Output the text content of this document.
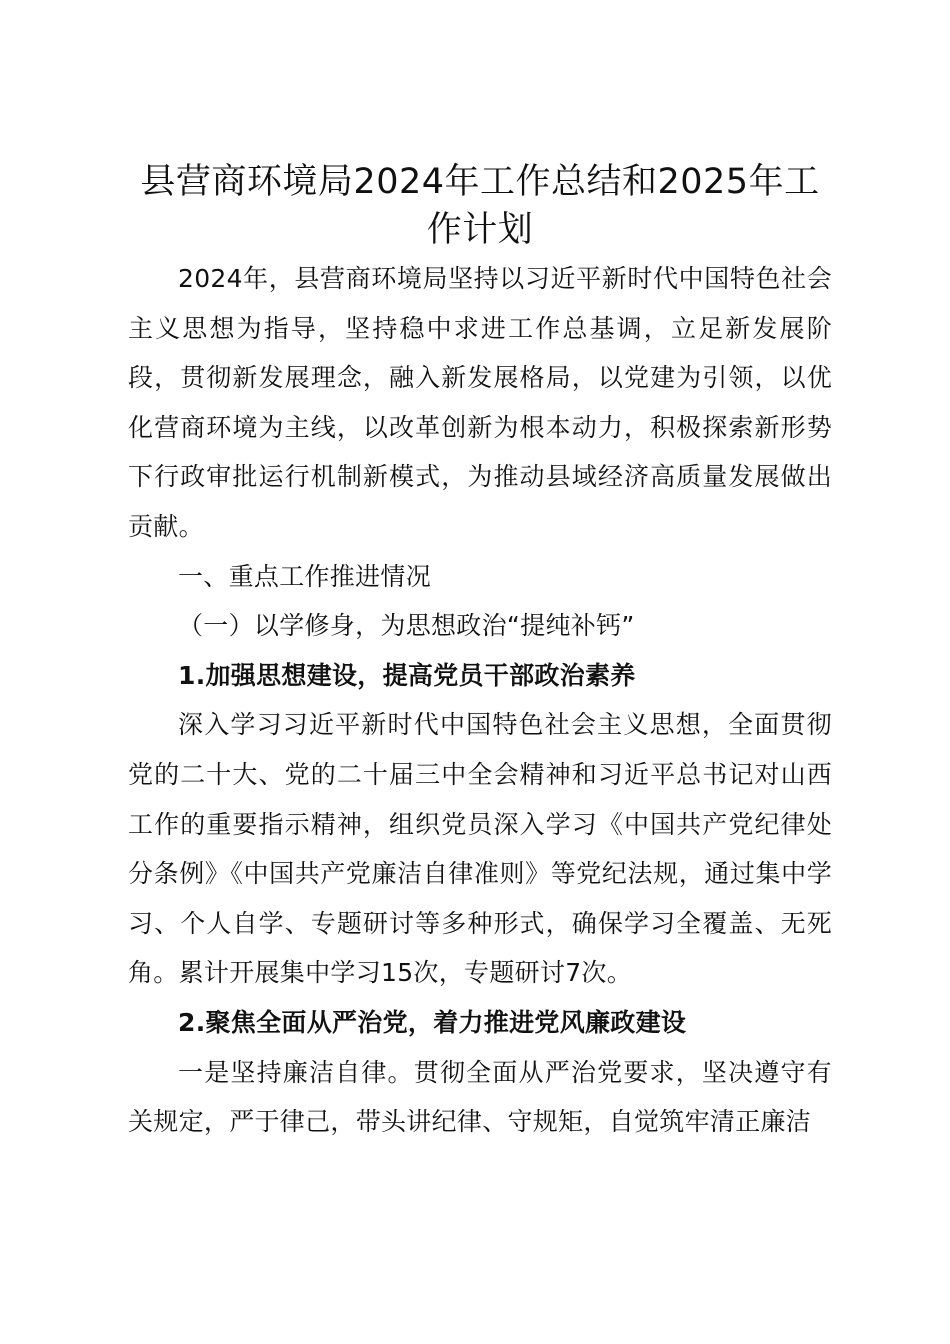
县营商环境局2024年工作总结和2025年工作计划

2024年，县营商环境局坚持以习近平新时代中国特色社会主义思想为指导，坚持稳中求进工作总基调，立足新发展阶段，贯彻新发展理念，融入新发展格局，以党建为引领，以优化营商环境为主线，以改革创新为根本动力，积极探索新形势下行政审批运行机制新模式，为推动县域经济高质量发展做出贡献。

一、重点工作推进情况

（一）以学修身，为思想政治“提纯补钙”

1.加强思想建设，提高党员干部政治素养

深入学习习近平新时代中国特色社会主义思想，全面贯彻党的二十大、党的二十届三中全会精神和习近平总书记对山西工作的重要指示精神，组织党员深入学习《中国共产党纪律处分条例》《中国共产党廉洁自律准则》等党纪法规，通过集中学习、个人自学、专题研讨等多种形式，确保学习全覆盖、无死角。累计开展集中学习15次，专题研讨7次。

2.聚焦全面从严治党，着力推进党风廉政建设

一是坚持廉洁自律。贯彻全面从严治党要求，坚决遵守有关规定，严于律己，带头讲纪律、守规矩，自觉筑牢清正廉洁
